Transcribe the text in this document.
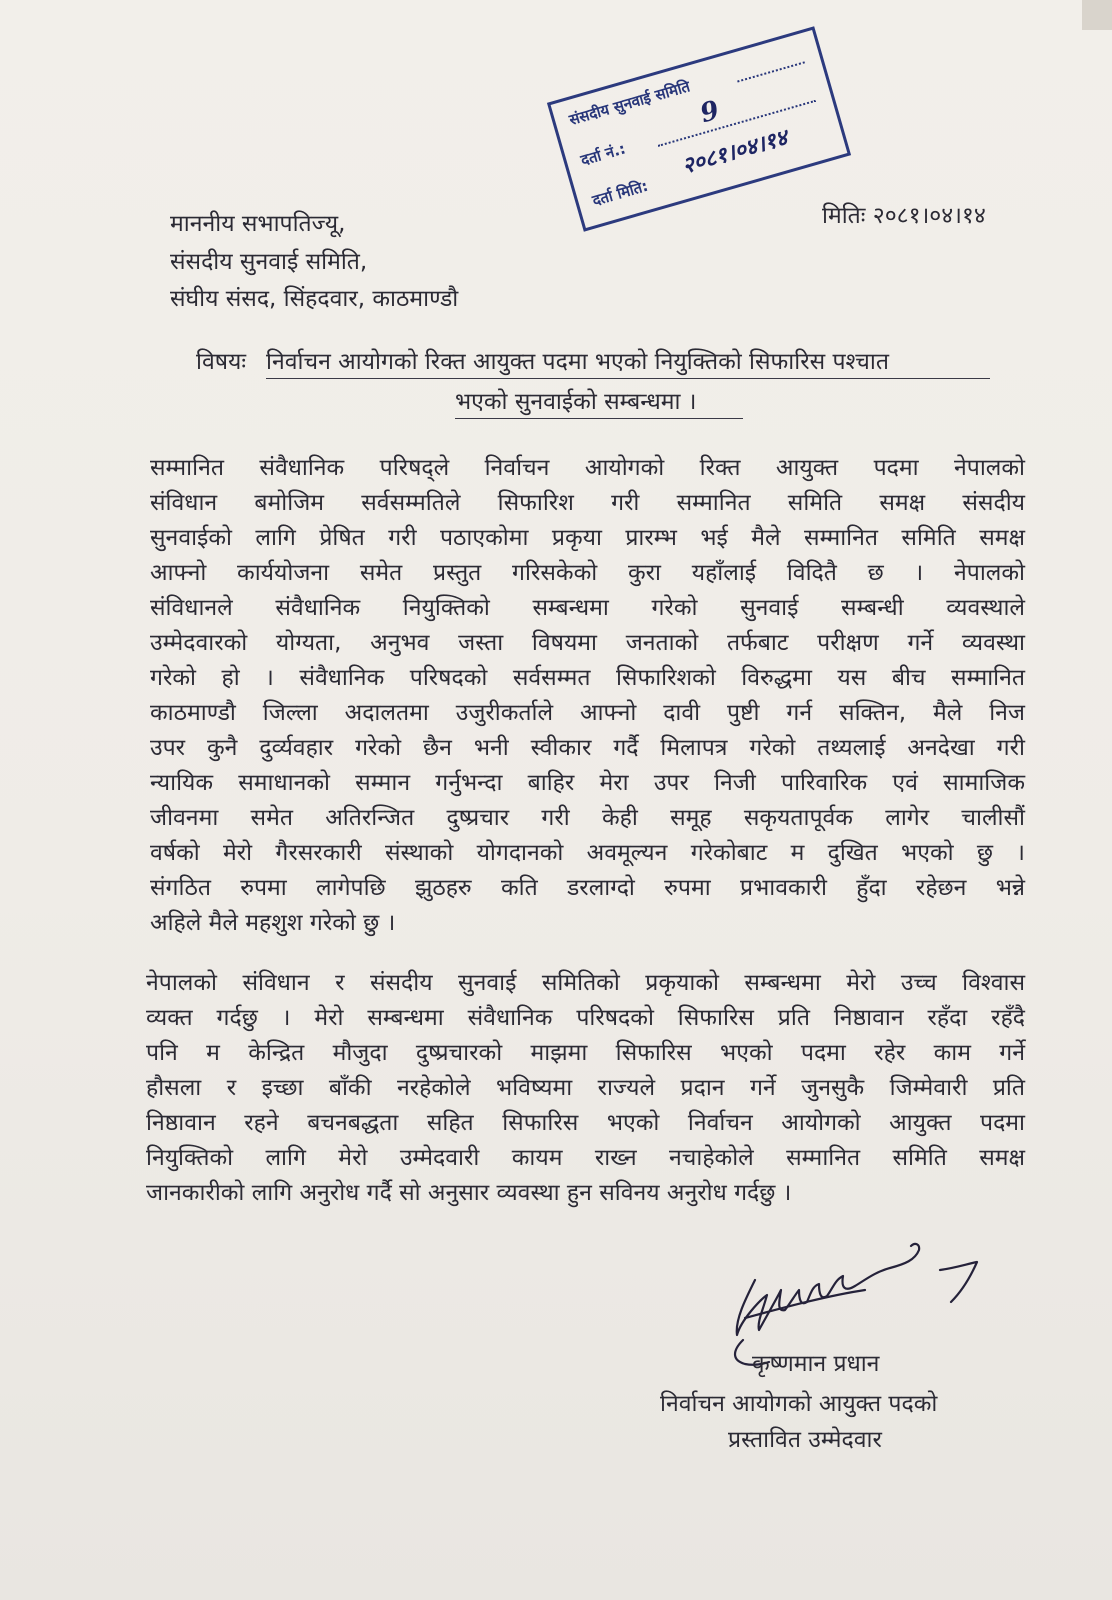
संसदीय सुनवाई समिति
दर्ता नं.:
9
दर्ता मिति:
२०८१।०४।१४
मितिः २०८१।०४।१४
माननीय सभापतिज्यू,
संसदीय सुनवाई समिति,
संघीय संसद, सिंहदवार, काठमाण्डौ
विषयः निर्वाचन आयोगको रिक्त आयुक्त पदमा भएको नियुक्तिको सिफारिस पश्चात
भएको सुनवाईको सम्बन्धमा ।
सम्मानित संवैधानिक परिषद्ले निर्वाचन आयोगको रिक्त आयुक्त पदमा नेपालको
संविधान बमोजिम सर्वसम्मतिले सिफारिश गरी सम्मानित समिति समक्ष संसदीय
सुनवाईको लागि प्रेषित गरी पठाएकोमा प्रकृया प्रारम्भ भई मैले सम्मानित समिति समक्ष
आफ्नो कार्ययोजना समेत प्रस्तुत गरिसकेको कुरा यहाँलाई विदितै छ । नेपालको
संविधानले संवैधानिक नियुक्तिको सम्बन्धमा गरेको सुनवाई सम्बन्धी व्यवस्थाले
उम्मेदवारको योग्यता, अनुभव जस्ता विषयमा जनताको तर्फबाट परीक्षण गर्ने व्यवस्था
गरेको हो । संवैधानिक परिषदको सर्वसम्मत सिफारिशको विरुद्धमा यस बीच सम्मानित
काठमाण्डौ जिल्ला अदालतमा उजुरीकर्ताले आफ्नो दावी पुष्टी गर्न सक्तिन, मैले निज
उपर कुनै दुर्व्यवहार गरेको छैन भनी स्वीकार गर्दै मिलापत्र गरेको तथ्यलाई अनदेखा गरी
न्यायिक समाधानको सम्मान गर्नुभन्दा बाहिर मेरा उपर निजी पारिवारिक एवं सामाजिक
जीवनमा समेत अतिरन्जित दुष्प्रचार गरी केही समूह सकृयतापूर्वक लागेर चालीसौं
वर्षको मेरो गैरसरकारी संस्थाको योगदानको अवमूल्यन गरेकोबाट म दुखित भएको छु ।
संगठित रुपमा लागेपछि झुठहरु कति डरलाग्दो रुपमा प्रभावकारी हुँदा रहेछन भन्ने
अहिले मैले महशुश गरेको छु ।
नेपालको संविधान र संसदीय सुनवाई समितिको प्रकृयाको सम्बन्धमा मेरो उच्च विश्वास
व्यक्त गर्दछु । मेरो सम्बन्धमा संवैधानिक परिषदको सिफारिस प्रति निष्ठावान रहँदा रहँदै
पनि म केन्द्रित मौजुदा दुष्प्रचारको माझमा सिफारिस भएको पदमा रहेर काम गर्ने
हौसला र इच्छा बाँकी नरहेकोले भविष्यमा राज्यले प्रदान गर्ने जुनसुकै जिम्मेवारी प्रति
निष्ठावान रहने बचनबद्धता सहित सिफारिस भएको निर्वाचन आयोगको आयुक्त पदमा
नियुक्तिको लागि मेरो उम्मेदवारी कायम राख्न नचाहेकोले सम्मानित समिति समक्ष
जानकारीको लागि अनुरोध गर्दै सो अनुसार व्यवस्था हुन सविनय अनुरोध गर्दछु ।
कृष्णमान प्रधान
निर्वाचन आयोगको आयुक्त पदको
प्रस्तावित उम्मेदवार
